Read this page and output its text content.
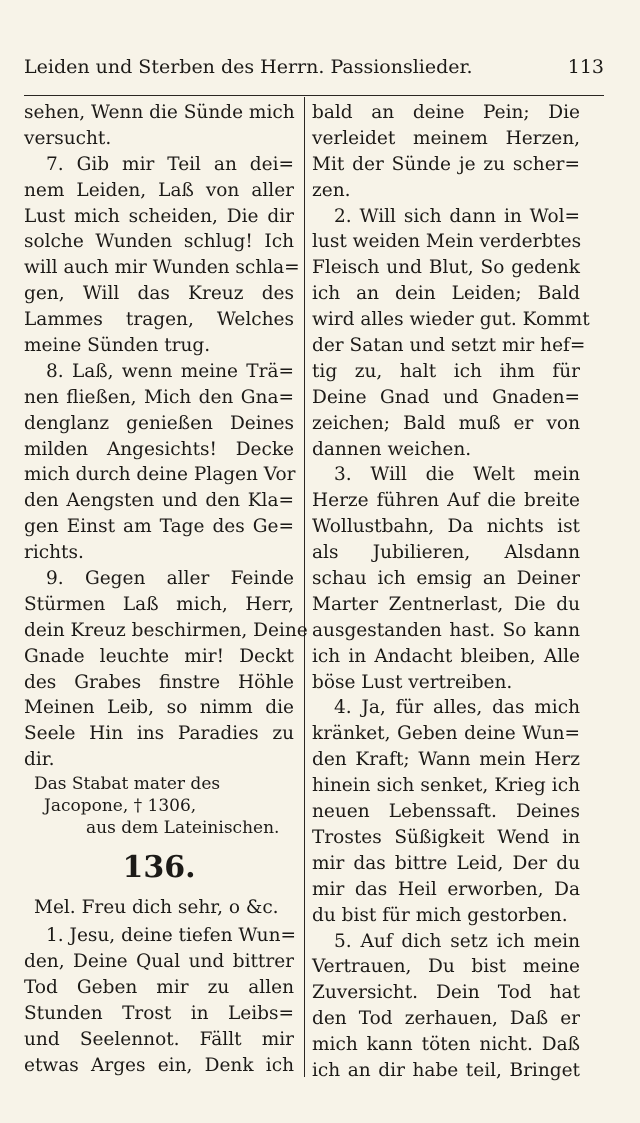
Leiden und Sterben des Herrn. Passionslieder.	113
sehen, Wenn die Sünde mich
versucht.
7. Gib mir Teil an dei=
nem Leiden, Laß von aller
Lust mich scheiden, Die dir
solche Wunden schlug! Ich
will auch mir Wunden schla=
gen, Will das Kreuz des
Lammes tragen, Welches
meine Sünden trug.
8. Laß, wenn meine Trä=
nen fließen, Mich den Gna=
denglanz genießen Deines
milden Angesichts! Decke
mich durch deine Plagen Vor
den Aengsten und den Kla=
gen Einst am Tage des Ge=
richts.
9. Gegen aller Feinde
Stürmen Laß mich, Herr,
dein Kreuz beschirmen, Deine
Gnade leuchte mir! Deckt
des Grabes finstre Höhle
Meinen Leib, so nimm die
Seele Hin ins Paradies zu
dir.
Das Stabat mater des
Jacopone, † 1306,
aus dem Lateinischen.
136.
Mel. Freu dich sehr, o &c.
1. Jesu, deine tiefen Wun=
den, Deine Qual und bittrer
Tod Geben mir zu allen
Stunden Trost in Leibs=
und Seelennot. Fällt mir
etwas Arges ein, Denk ich
bald an deine Pein; Die
verleidet meinem Herzen,
Mit der Sünde je zu scher=
zen.
2. Will sich dann in Wol=
lust weiden Mein verderbtes
Fleisch und Blut, So gedenk
ich an dein Leiden; Bald
wird alles wieder gut. Kommt
der Satan und setzt mir hef=
tig zu, halt ich ihm für
Deine Gnad und Gnaden=
zeichen; Bald muß er von
dannen weichen.
3. Will die Welt mein
Herze führen Auf die breite
Wollustbahn, Da nichts ist
als Jubilieren, Alsdann
schau ich emsig an Deiner
Marter Zentnerlast, Die du
ausgestanden hast. So kann
ich in Andacht bleiben, Alle
böse Lust vertreiben.
4. Ja, für alles, das mich
kränket, Geben deine Wun=
den Kraft; Wann mein Herz
hinein sich senket, Krieg ich
neuen Lebenssaft. Deines
Trostes Süßigkeit Wend in
mir das bittre Leid, Der du
mir das Heil erworben, Da
du bist für mich gestorben.
5. Auf dich setz ich mein
Vertrauen, Du bist meine
Zuversicht. Dein Tod hat
den Tod zerhauen, Daß er
mich kann töten nicht. Daß
ich an dir habe teil, Bringet
